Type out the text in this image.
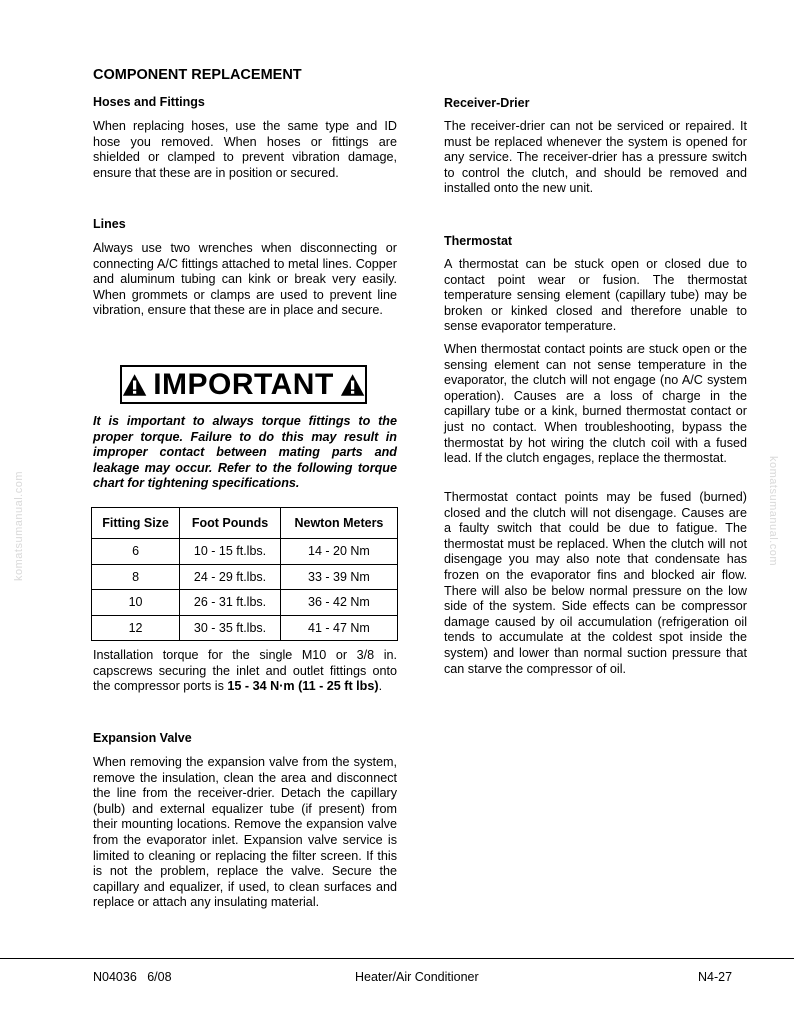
COMPONENT REPLACEMENT
Hoses and Fittings

When replacing hoses, use the same type and ID hose you removed. When hoses or fittings are shielded or clamped to prevent vibration damage, ensure that these are in position or secured.

Lines

Always use two wrenches when disconnecting or connecting A/C fittings attached to metal lines. Copper and aluminum tubing can kink or break very easily. When grommets or clamps are used to prevent line vibration, ensure that these are in place and secure.

IMPORTANT

It is important to always torque fittings to the proper torque. Failure to do this may result in improper contact between mating parts and leakage may occur. Refer to the following torque chart for tightening specifications.

Fitting Size	Foot Pounds	Newton Meters
6	10 - 15 ft.lbs.	14 - 20 Nm
8	24 - 29 ft.lbs.	33 - 39 Nm
10	26 - 31 ft.lbs.	36 - 42 Nm
12	30 - 35 ft.lbs.	41 - 47 Nm

Installation torque for the single M10 or 3/8 in. capscrews securing the inlet and outlet fittings onto the compressor ports is 15 - 34 N·m (11 - 25 ft lbs).

Expansion Valve

When removing the expansion valve from the system, remove the insulation, clean the area and disconnect the line from the receiver-drier. Detach the capillary (bulb) and external equalizer tube (if present) from their mounting locations. Remove the expansion valve from the evaporator inlet. Expansion valve service is limited to cleaning or replacing the filter screen. If this is not the problem, replace the valve. Secure the capillary and equalizer, if used, to clean surfaces and replace or attach any insulating material.

Receiver-Drier

The receiver-drier can not be serviced or repaired. It must be replaced whenever the system is opened for any service. The receiver-drier has a pressure switch to control the clutch, and should be removed and installed onto the new unit.

Thermostat

A thermostat can be stuck open or closed due to contact point wear or fusion. The thermostat temperature sensing element (capillary tube) may be broken or kinked closed and therefore unable to sense evaporator temperature.

When thermostat contact points are stuck open or the sensing element can not sense temperature in the evaporator, the clutch will not engage (no A/C system operation). Causes are a loss of charge in the capillary tube or a kink, burned thermostat contact or just no contact. When troubleshooting, bypass the thermostat by hot wiring the clutch coil with a fused lead. If the clutch engages, replace the thermostat.

Thermostat contact points may be fused (burned) closed and the clutch will not disengage. Causes are a faulty switch that could be due to fatigue. The thermostat must be replaced. When the clutch will not disengage you may also note that condensate has frozen on the evaporator fins and blocked air flow. There will also be below normal pressure on the low side of the system. Side effects can be compressor damage caused by oil accumulation (refrigeration oil tends to accumulate at the coldest spot inside the system) and lower than normal suction pressure that can starve the compressor of oil.

komatsumanual.com	komatsumanual.com
N04036   6/08	Heater/Air Conditioner	N4-27
